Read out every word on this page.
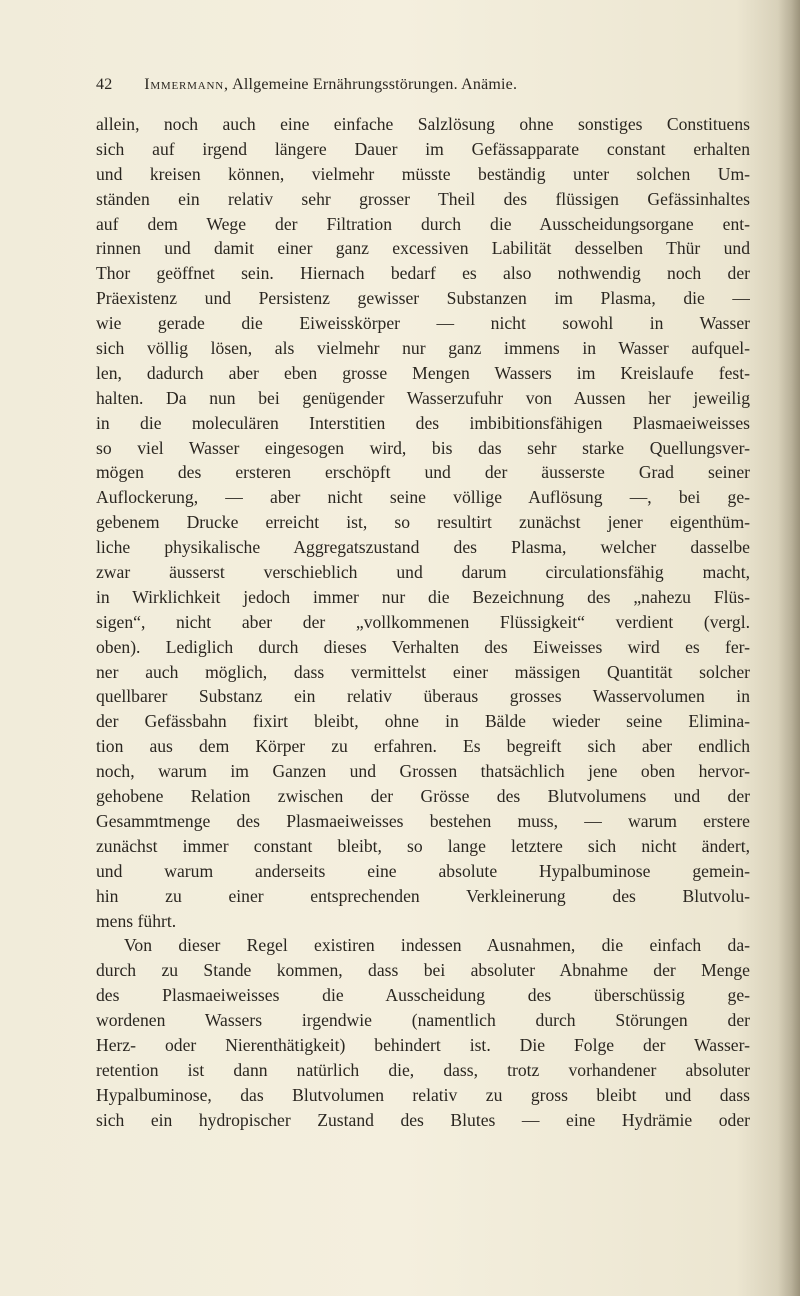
42 Immermann, Allgemeine Ernährungsstörungen. Anämie.
allein, noch auch eine einfache Salzlösung ohne sonstiges Constituens
sich auf irgend längere Dauer im Gefässapparate constant erhalten
und kreisen können, vielmehr müsste beständig unter solchen Um-
ständen ein relativ sehr grosser Theil des flüssigen Gefässinhaltes
auf dem Wege der Filtration durch die Ausscheidungsorgane ent-
rinnen und damit einer ganz excessiven Labilität desselben Thür und
Thor geöffnet sein. Hiernach bedarf es also nothwendig noch der
Präexistenz und Persistenz gewisser Substanzen im Plasma, die —
wie gerade die Eiweisskörper — nicht sowohl in Wasser
sich völlig lösen, als vielmehr nur ganz immens in Wasser aufquel-
len, dadurch aber eben grosse Mengen Wassers im Kreislaufe fest-
halten. Da nun bei genügender Wasserzufuhr von Aussen her jeweilig
in die moleculären Interstitien des imbibitionsfähigen Plasmaeiweisses
so viel Wasser eingesogen wird, bis das sehr starke Quellungsver-
mögen des ersteren erschöpft und der äusserste Grad seiner
Auflockerung, — aber nicht seine völlige Auflösung —, bei ge-
gebenem Drucke erreicht ist, so resultirt zunächst jener eigenthüm-
liche physikalische Aggregatszustand des Plasma, welcher dasselbe
zwar äusserst verschieblich und darum circulationsfähig macht,
in Wirklichkeit jedoch immer nur die Bezeichnung des „nahezu Flüs-
sigen“, nicht aber der „vollkommenen Flüssigkeit“ verdient (vergl.
oben). Lediglich durch dieses Verhalten des Eiweisses wird es fer-
ner auch möglich, dass vermittelst einer mässigen Quantität solcher
quellbarer Substanz ein relativ überaus grosses Wasservolumen in
der Gefässbahn fixirt bleibt, ohne in Bälde wieder seine Elimina-
tion aus dem Körper zu erfahren. Es begreift sich aber endlich
noch, warum im Ganzen und Grossen thatsächlich jene oben hervor-
gehobene Relation zwischen der Grösse des Blutvolumens und der
Gesammtmenge des Plasmaeiweisses bestehen muss, — warum erstere
zunächst immer constant bleibt, so lange letztere sich nicht ändert,
und warum anderseits eine absolute Hypalbuminose gemein-
hin zu einer entsprechenden Verkleinerung des Blutvolu-
mens führt.
Von dieser Regel existiren indessen Ausnahmen, die einfach da-
durch zu Stande kommen, dass bei absoluter Abnahme der Menge
des Plasmaeiweisses die Ausscheidung des überschüssig ge-
wordenen Wassers irgendwie (namentlich durch Störungen der
Herz- oder Nierenthätigkeit) behindert ist. Die Folge der Wasser-
retention ist dann natürlich die, dass, trotz vorhandener absoluter
Hypalbuminose, das Blutvolumen relativ zu gross bleibt und dass
sich ein hydropischer Zustand des Blutes — eine Hydrämie oder
